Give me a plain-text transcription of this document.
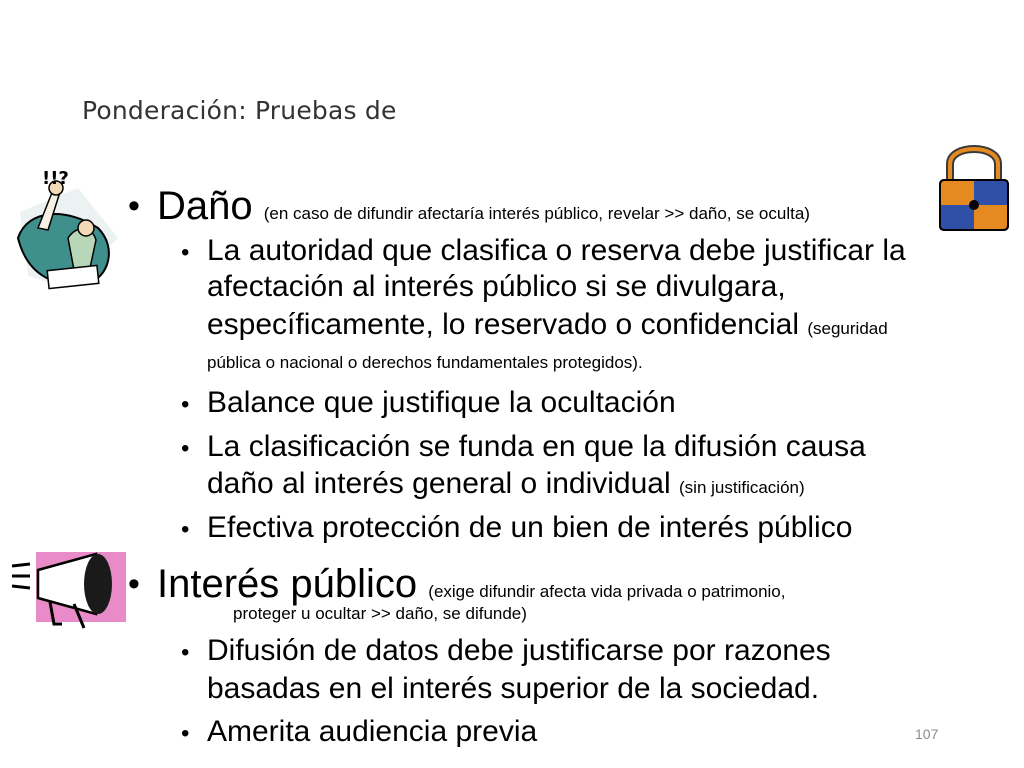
Ponderación: Pruebas de
!!?
• Daño (en caso de difundir afectaría interés público, revelar >> daño, se oculta)
• La autoridad que clasifica o reserva debe justificar la
afectación al interés público si se divulgara,
específicamente, lo reservado o confidencial (seguridad
pública o nacional o derechos fundamentales protegidos).
• Balance que justifique la ocultación
• La clasificación se funda en que la difusión causa
daño al interés general o individual (sin justificación)
• Efectiva protección de un bien de interés público
• Interés público (exige difundir afecta vida privada o patrimonio,
proteger u ocultar >> daño, se difunde)
• Difusión de datos debe justificarse por razones
basadas en el interés superior de la sociedad.
• Amerita audiencia previa	107
